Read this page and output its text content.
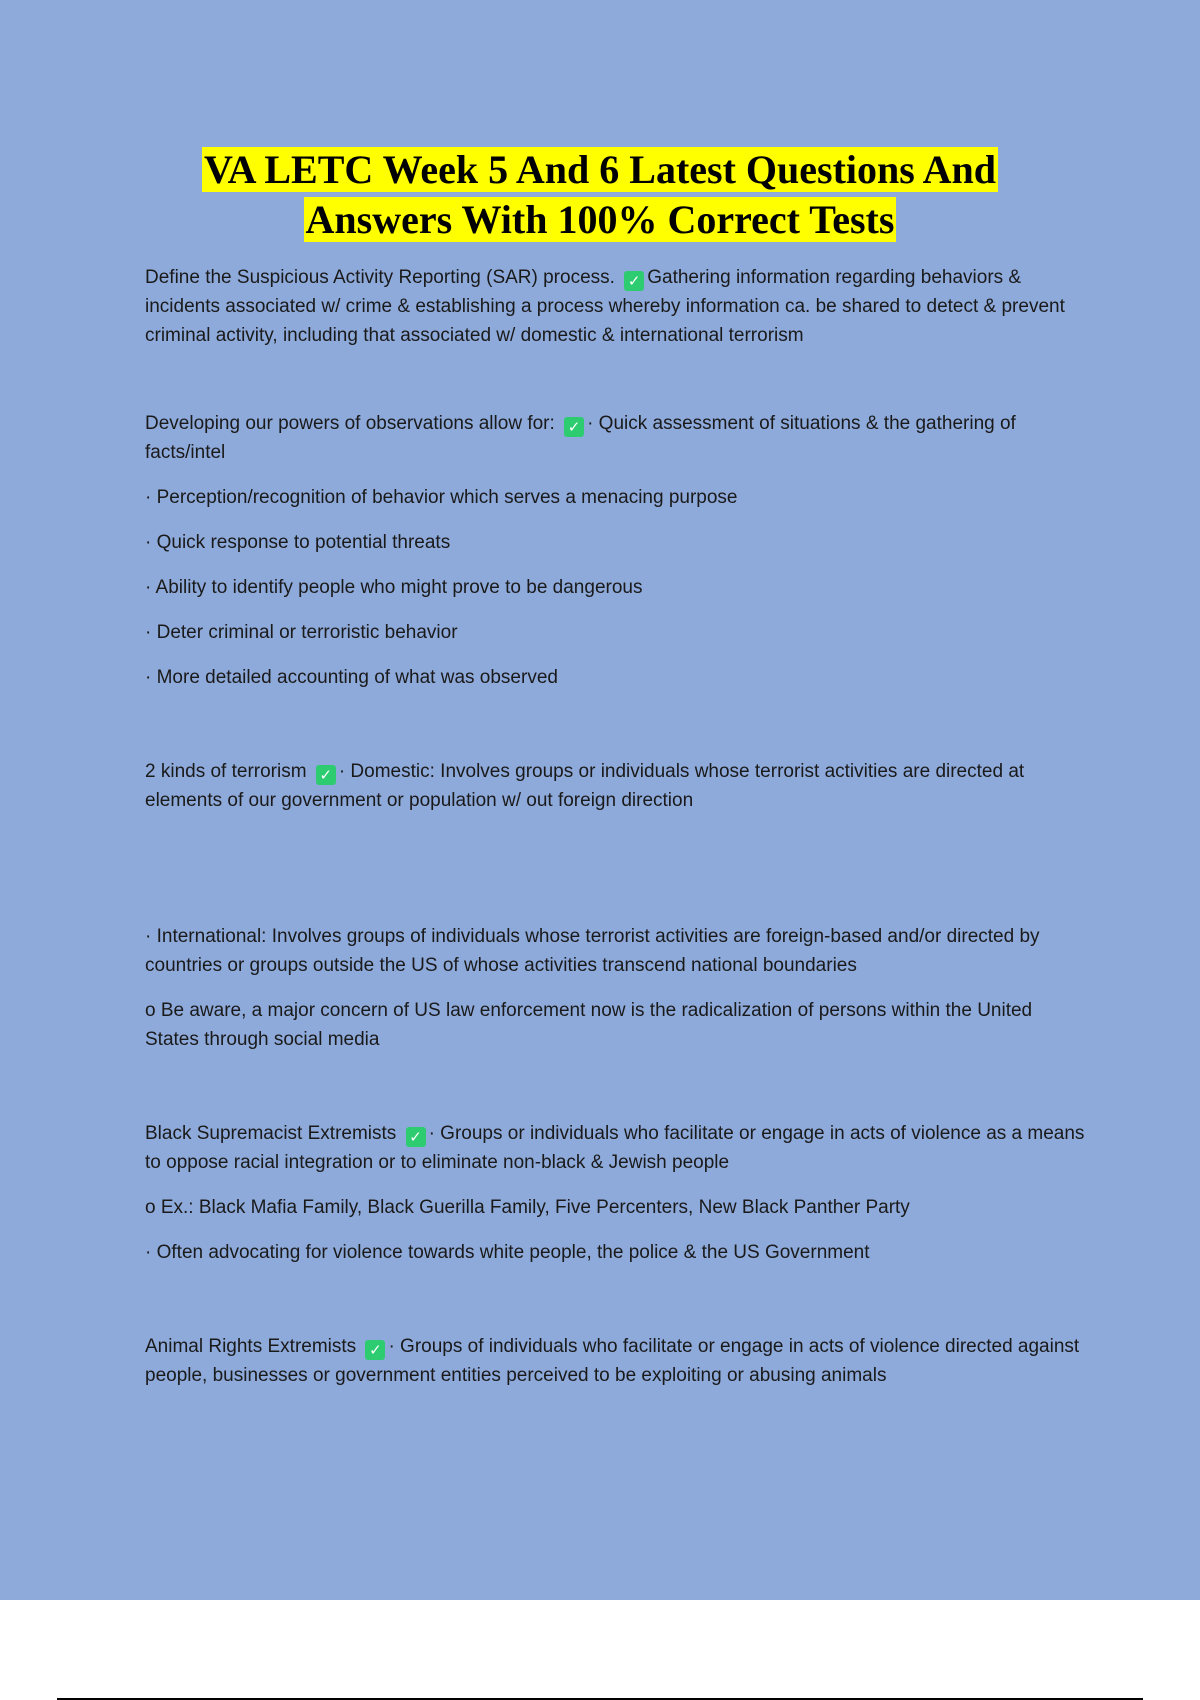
VA LETC Week 5 And 6 Latest Questions And
Answers With 100% Correct Tests

Define the Suspicious Activity Reporting (SAR) process. ✓ Gathering information regarding behaviors & incidents associated w/ crime & establishing a process whereby information ca. be shared to detect & prevent criminal activity, including that associated w/ domestic & international terrorism

Developing our powers of observations allow for: ✓ · Quick assessment of situations & the gathering of facts/intel

· Perception/recognition of behavior which serves a menacing purpose

· Quick response to potential threats

· Ability to identify people who might prove to be dangerous

· Deter criminal or terroristic behavior

· More detailed accounting of what was observed

2 kinds of terrorism ✓ · Domestic: Involves groups or individuals whose terrorist activities are directed at elements of our government or population w/ out foreign direction

· International: Involves groups of individuals whose terrorist activities are foreign-based and/or directed by countries or groups outside the US of whose activities transcend national boundaries

o Be aware, a major concern of US law enforcement now is the radicalization of persons within the United States through social media

Black Supremacist Extremists ✓ · Groups or individuals who facilitate or engage in acts of violence as a means to oppose racial integration or to eliminate non-black & Jewish people

o Ex.: Black Mafia Family, Black Guerilla Family, Five Percenters, New Black Panther Party

· Often advocating for violence towards white people, the police & the US Government

Animal Rights Extremists ✓ · Groups of individuals who facilitate or engage in acts of violence directed against people, businesses or government entities perceived to be exploiting or abusing animals
